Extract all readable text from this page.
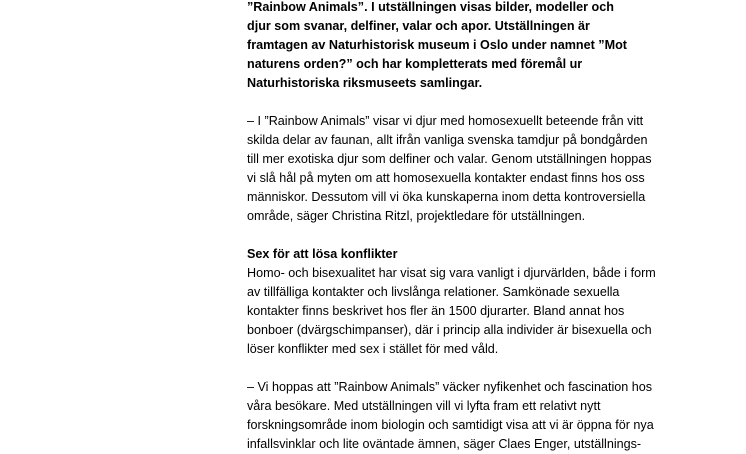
”Rainbow Animals”. I utställningen visas bilder, modeller och
djur som svanar, delfiner, valar och apor. Utställningen är
framtagen av Naturhistorisk museum i Oslo under namnet ”Mot
naturens orden?” och har kompletterats med föremål ur
Naturhistoriska riksmuseets samlingar.
– I ”Rainbow Animals” visar vi djur med homosexuellt beteende från vitt
skilda delar av faunan, allt ifrån vanliga svenska tamdjur på bondgården
till mer exotiska djur som delfiner och valar. Genom utställningen hoppas
vi slå hål på myten om att homosexuella kontakter endast finns hos oss
människor. Dessutom vill vi öka kunskaperna inom detta kontroversiella
område, säger Christina Ritzl, projektledare för utställningen.
Sex för att lösa konflikter
Homo- och bisexualitet har visat sig vara vanligt i djurvärlden, både i form
av tillfälliga kontakter och livslånga relationer. Samkönade sexuella
kontakter finns beskrivet hos fler än 1500 djurarter. Bland annat hos
bonboer (dvärgschimpanser), där i princip alla individer är bisexuella och
löser konflikter med sex i stället för med våld.
– Vi hoppas att ”Rainbow Animals” väcker nyfikenhet och fascination hos
våra besökare. Med utställningen vill vi lyfta fram ett relativt nytt
forskningsområde inom biologin och samtidigt visa att vi är öppna för nya
infallsvinklar och lite oväntade ämnen, säger Claes Enger, utställnings-
